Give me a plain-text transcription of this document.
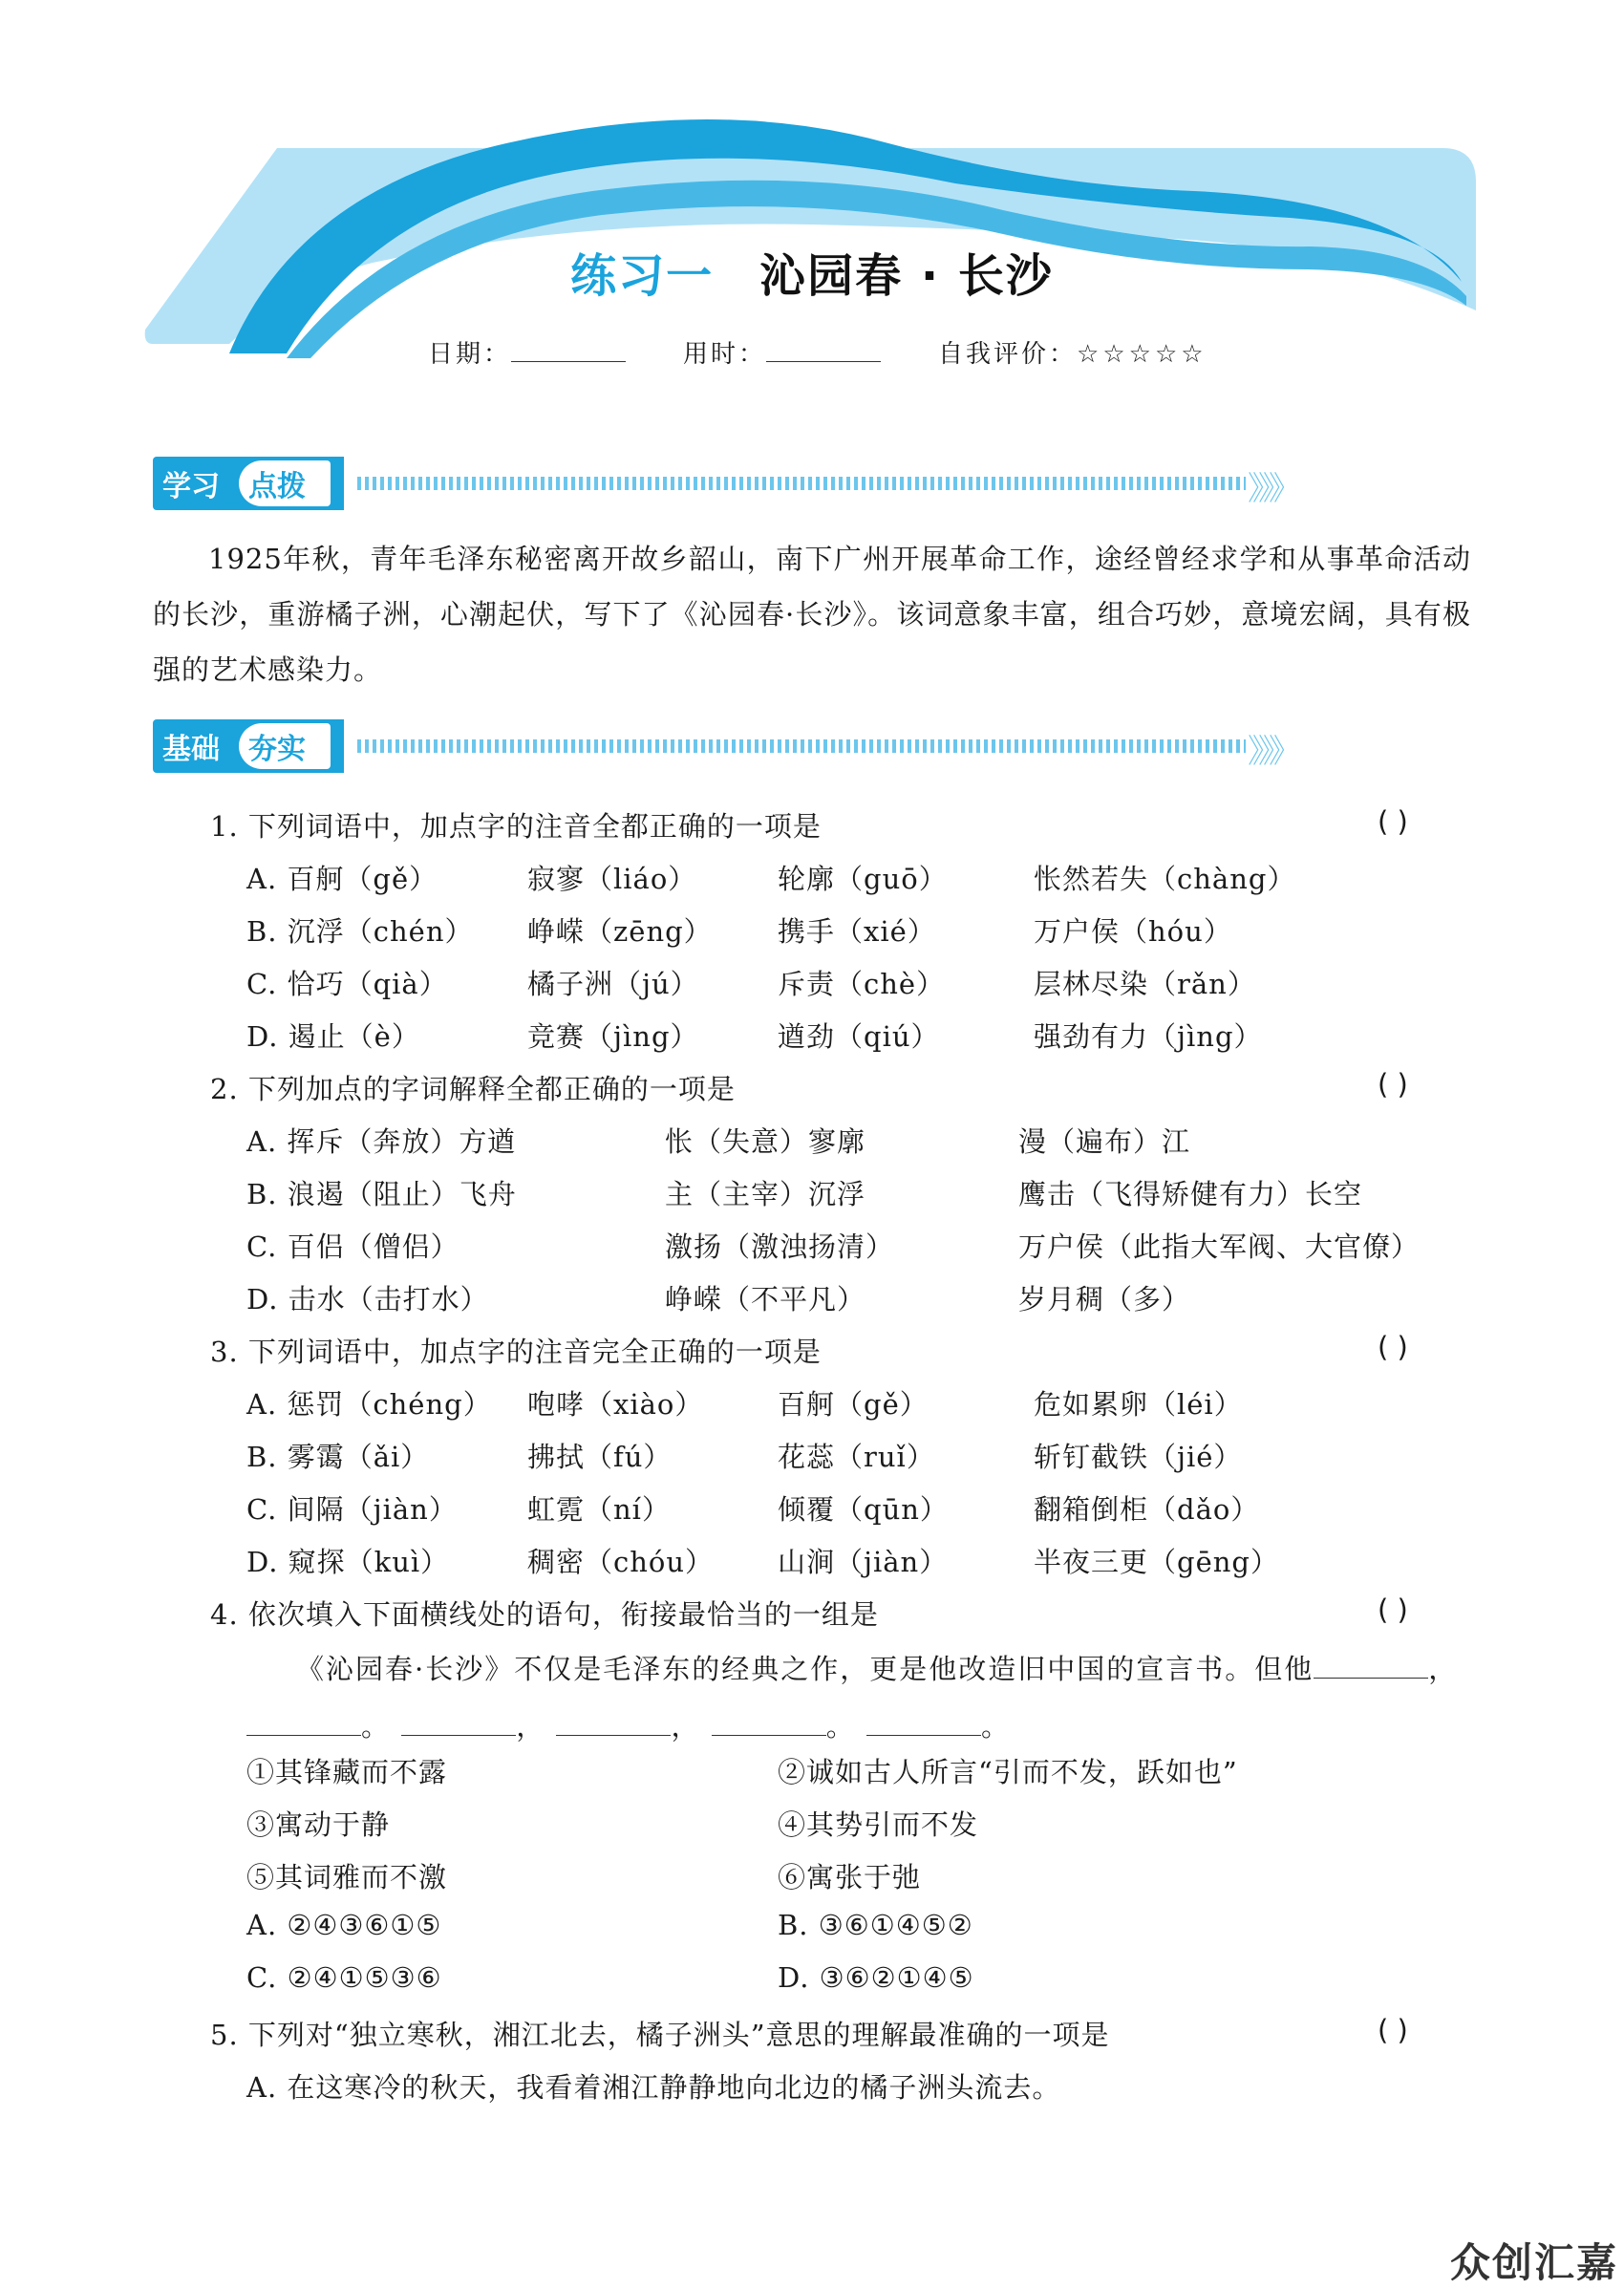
练习一 沁园春 · 长沙
日期：	用时：	自我评价：☆☆☆☆☆
学习 点拨	》》》
1925年秋，青年毛泽东秘密离开故乡韶山，南下广州开展革命工作，途经曾经求学和从事革命活动的长沙，重游橘子洲，心潮起伏，写下了《沁园春·长沙》。该词意象丰富，组合巧妙，意境宏阔，具有极强的艺术感染力。
基础 夯实	》》》
1. 下列词语中，加点字的注音全都正确的一项是	( )
A. 百舸（gě）	寂寥（liáo）	轮廓（guō）	怅然若失（chàng）
B. 沉浮（chén） 峥嵘（zēng） 携手（xié）	万户侯（hóu）
C. 恰巧（qià）	橘子洲（jú）	斥责（chè）	层林尽染（rǎn）
D. 遏止（è）	竞赛（jìng）	遒劲（qiú）	强劲有力（jìng）
2. 下列加点的字词解释全都正确的一项是	( )
A. 挥斥（奔放）方遒	怅（失意）寥廓	漫（遍布）江
B. 浪遏（阻止）飞舟	主（主宰）沉浮	鹰击（飞得矫健有力）长空
C. 百侣（僧侣）	激扬（激浊扬清）	万户侯（此指大军阀、大官僚）
D. 击水（击打水）	峥嵘（不平凡）	岁月稠（多）
3. 下列词语中，加点字的注音完全正确的一项是	( )
A. 惩罚（chéng） 咆哮（xiào）	百舸（gě）	危如累卵（léi）
B. 雾霭（ǎi）	拂拭（fú）	花蕊（ruǐ）	斩钉截铁（jié）
C. 间隔（jiàn）	虹霓（ní）	倾覆（qūn）	翻箱倒柜（dǎo）
D. 窥探（kuì）	稠密（chóu） 山涧（jiàn）	半夜三更（gēng）
4. 依次填入下面横线处的语句，衔接最恰当的一组是	( )
《沁园春·长沙》不仅是毛泽东的经典之作，更是他改造旧中国的宣言书。但他	，
。	，	，	。	。
①其锋藏而不露	②诚如古人所言“引而不发，跃如也”
③寓动于静	④其势引而不发
⑤其词雅而不激	⑥寓张于弛
A. ②④③⑥①⑤	B. ③⑥①④⑤②
C. ②④①⑤③⑥	D. ③⑥②①④⑤
5. 下列对“独立寒秋，湘江北去，橘子洲头”意思的理解最准确的一项是	( )
A. 在这寒冷的秋天，我看着湘江静静地向北边的橘子洲头流去。
众创汇嘉
